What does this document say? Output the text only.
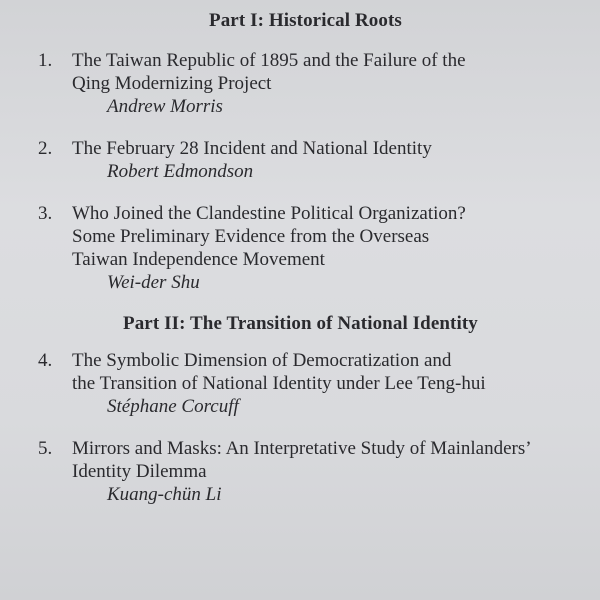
Part I: Historical Roots
1. The Taiwan Republic of 1895 and the Failure of the
Qing Modernizing Project
Andrew Morris
2. The February 28 Incident and National Identity
Robert Edmondson
3. Who Joined the Clandestine Political Organization?
Some Preliminary Evidence from the Overseas
Taiwan Independence Movement
Wei-der Shu
Part II: The Transition of National Identity
4. The Symbolic Dimension of Democratization and
the Transition of National Identity under Lee Teng-hui
Stéphane Corcuff
5. Mirrors and Masks: An Interpretative Study of Mainlanders’
Identity Dilemma
Kuang-chün Li
